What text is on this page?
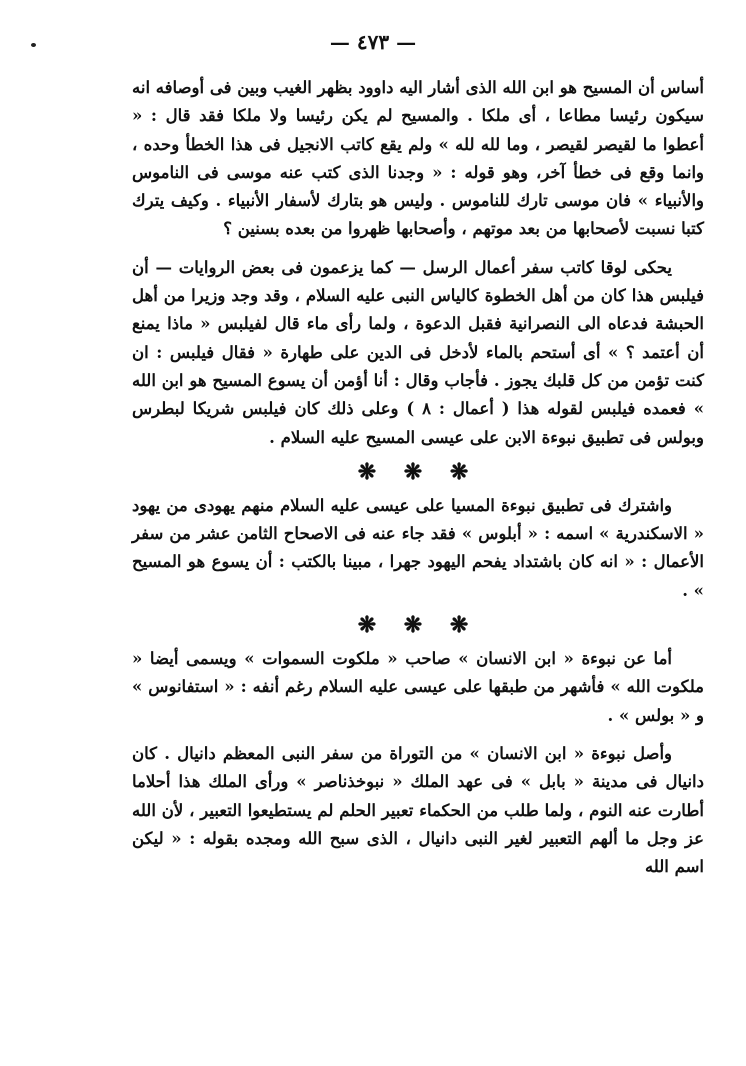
— ٤٧٣ —

أساس أن المسيح هو ابن الله الذى أشار اليه داوود بظهر الغيب وبين فى أوصافه انه سيكون رئيسا مطاعا ، أى ملكا . والمسيح لم يكن رئيسا ولا ملكا فقد قال : « أعطوا ما لقيصر لقيصر ، وما لله لله » ولم يقع كاتب الانجيل فى هذا الخطأ وحده ، وانما وقع فى خطأ آخر، وهو قوله : « وجدنا الذى كتب عنه موسى فى الناموس والأنبياء » فان موسى تارك للناموس . وليس هو بتارك لأسفار الأنبياء . وكيف يترك كتبا نسبت لأصحابها من بعد موتهم ، وأصحابها ظهروا من بعده بسنين ؟

يحكى لوقا كاتب سفر أعمال الرسل — كما يزعمون فى بعض الروايات — أن فيلبس هذا كان من أهل الخطوة كالياس النبى عليه السلام ، وقد وجد وزيرا من أهل الحبشة فدعاه الى النصرانية فقبل الدعوة ، ولما رأى ماء قال لفيلبس « ماذا يمنع أن أعتمد ؟ » أى أستحم بالماء لأدخل فى الدين على طهارة « فقال فيلبس : ان كنت تؤمن من كل قلبك يجوز . فأجاب وقال : أنا أؤمن أن يسوع المسيح هو ابن الله » فعمده فيلبس لقوله هذا ( أعمال : ٨ ) وعلى ذلك كان فيلبس شريكا لبطرس وبولس فى تطبيق نبوءة الابن على عيسى المسيح عليه السلام .

❋ ❋ ❋

واشترك فى تطبيق نبوءة المسيا على عيسى عليه السلام منهم يهودى من يهود « الاسكندرية » اسمه : « أبلوس » فقد جاء عنه فى الاصحاح الثامن عشر من سفر الأعمال : « انه كان باشتداد يفحم اليهود جهرا ، مبينا بالكتب : أن يسوع هو المسيح » .

❋ ❋ ❋

أما عن نبوءة « ابن الانسان » صاحب « ملكوت السموات » ويسمى أيضا « ملكوت الله » فأشهر من طبقها على عيسى عليه السلام رغم أنفه : « استفانوس » و « بولس » .

وأصل نبوءة « ابن الانسان » من التوراة من سفر النبى المعظم دانيال . كان دانيال فى مدينة « بابل » فى عهد الملك « نبوخذناصر » ورأى الملك هذا أحلاما أطارت عنه النوم ، ولما طلب من الحكماء تعبير الحلم لم يستطيعوا التعبير ، لأن الله عز وجل ما ألهم التعبير لغير النبى دانيال ، الذى سبح الله ومجده بقوله : « ليكن اسم الله
